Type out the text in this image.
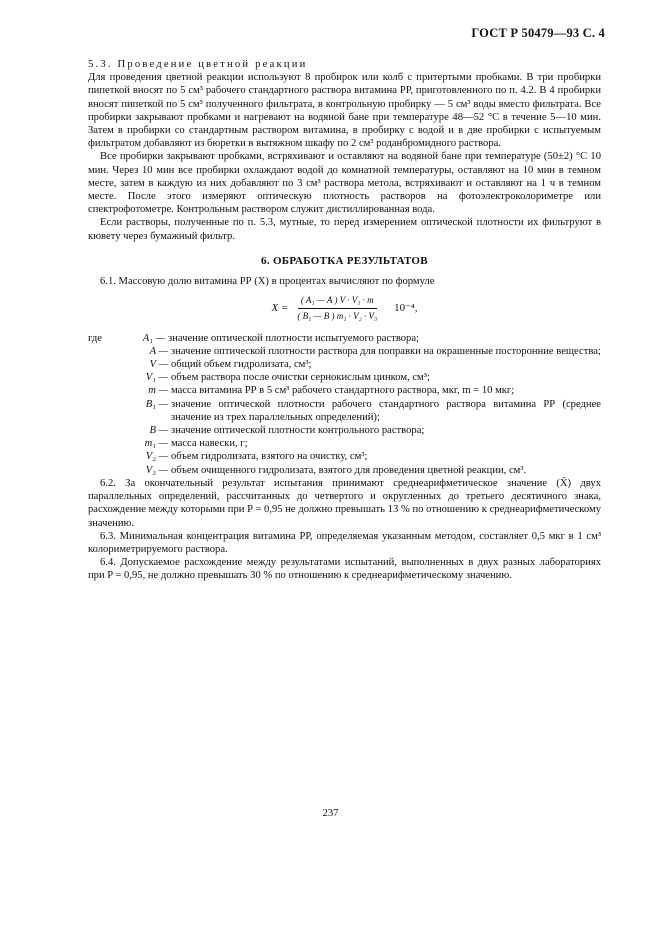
ГОСТ Р 50479—93 С. 4

5.3. Проведение цветной реакции

Для проведения цветной реакции используют 8 пробирок или колб с притертыми пробками. В три пробирки пипеткой вносят по 5 см³ рабочего стандартного раствора витамина РР, приготовленного по п. 4.2. В 4 пробирки вносят пипеткой по 5 см³ полученного фильтрата, в контрольную пробирку — 5 см³ воды вместо фильтрата. Все пробирки закрывают пробками и нагревают на водяной бане при температуре 48—52 °С в течение 5—10 мин. Затем в пробирки со стандартным раствором витамина, в пробирку с водой и в две пробирки с испытуемым фильтратом добавляют из бюретки в вытяжном шкафу по 2 см³ роданбромидного раствора.

Все пробирки закрывают пробками, встряхивают и оставляют на водяной бане при температуре (50±2) °С 10 мин. Через 10 мин все пробирки охлаждают водой до комнатной температуры, оставляют на 10 мин в темном месте, затем в каждую из них добавляют по 3 см³ раствора метола, встряхивают и оставляют на 1 ч в темном месте. После этого измеряют оптическую плотность растворов на фотоэлектроколориметре или спектрофотометре. Контрольным раствором служит дистиллированная вода.

Если растворы, полученные по п. 5.3, мутные, то перед измерением оптической плотности их фильтруют в кювету через бумажный фильтр.

6. ОБРАБОТКА РЕЗУЛЬТАТОВ

6.1. Массовую долю витамина РР (X) в процентах вычисляют по формуле

$X = \frac{\text{( A₁ — A ) V · V₁ · m}}{\text{( B₁ — B ) m₁ · V₂ · V₃}} 10^{-4}$,
где	A₁ — значение оптической плотности испытуемого раствора;
A — значение оптической плотности раствора для поправки на окрашенные посторонние вещества;
V — общий объем гидролизата, см³;
V₁ — объем раствора после очистки сернокислым цинком, см³;
m — масса витамина РР в 5 см³ рабочего стандартного раствора, мкг, m = 10 мкг;
B₁ — значение оптической плотности рабочего стандартного раствора витамина РР (среднее значение из трех параллельных определений);
B — значение оптической плотности контрольного раствора;
m₁ — масса навески, г;
V₂ — объем гидролизата, взятого на очистку, см³;
V₃ — объем очищенного гидролизата, взятого для проведения цветной реакции, см³.

6.2. За окончательный результат испытания принимают среднеарифметическое значение (X̄) двух параллельных определений, рассчитанных до четвертого и округленных до третьего десятичного знака, расхождение между которыми при P = 0,95 не должно превышать 13 % по отношению к среднеарифметическому значению.

6.3. Минимальная концентрация витамина РР, определяемая указанным методом, составляет 0,5 мкг в 1 см³ колориметрируемого раствора.

6.4. Допускаемое расхождение между результатами испытаний, выполненных в двух разных лабораториях при P = 0,95, не должно превышать 30 % по отношению к среднеарифметическому значению.

237
